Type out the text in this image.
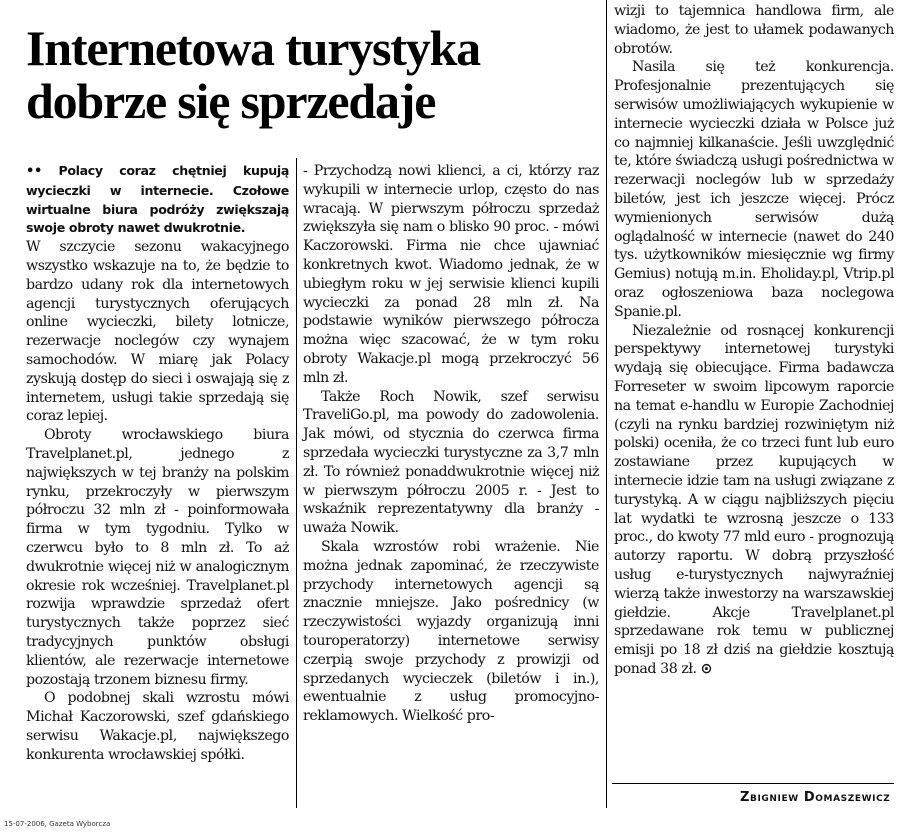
Internetowa turystyka dobrze się sprzedaje

•• Polacy coraz chętniej kupują wycieczki w internecie. Czołowe wirtualne biura podróży zwiększają swoje obroty nawet dwukrotnie.

W szczycie sezonu wakacyjnego wszystko wskazuje na to, że będzie to bardzo udany rok dla internetowych agencji turystycznych oferujących online wycieczki, bilety lotnicze, rezerwacje noclegów czy wynajem samochodów. W miarę jak Polacy zyskują dostęp do sieci i oswajają się z internetem, usługi takie sprzedają się coraz lepiej.

Obroty wrocławskiego biura Travelplanet.pl, jednego z największych w tej branży na polskim rynku, przekroczyły w pierwszym półroczu 32 mln zł - poinformowała firma w tym tygodniu. Tylko w czerwcu było to 8 mln zł. To aż dwukrotnie więcej niż w analogicznym okresie rok wcześniej. Travelplanet.pl rozwija wprawdzie sprzedaż ofert turystycznych także poprzez sieć tradycyjnych punktów obsługi klientów, ale rezerwacje internetowe pozostają trzonem biznesu firmy.

O podobnej skali wzrostu mówi Michał Kaczorowski, szef gdańskiego serwisu Wakacje.pl, największego konkurenta wrocławskiej spółki.

- Przychodzą nowi klienci, a ci, którzy raz wykupili w internecie urlop, często do nas wracają. W pierwszym półroczu sprzedaż zwiększyła się nam o blisko 90 proc. - mówi Kaczorowski. Firma nie chce ujawniać konkretnych kwot. Wiadomo jednak, że w ubiegłym roku w jej serwisie klienci kupili wycieczki za ponad 28 mln zł. Na podstawie wyników pierwszego półrocza można więc szacować, że w tym roku obroty Wakacje.pl mogą przekroczyć 56 mln zł.

Także Roch Nowik, szef serwisu TraveliGo.pl, ma powody do zadowolenia. Jak mówi, od stycznia do czerwca firma sprzedała wycieczki turystyczne za 3,7 mln zł. To również ponaddwukrotnie więcej niż w pierwszym półroczu 2005 r. - Jest to wskaźnik reprezentatywny dla branży - uważa Nowik.

Skala wzrostów robi wrażenie. Nie można jednak zapominać, że rzeczywiste przychody internetowych agencji są znacznie mniejsze. Jako pośrednicy (w rzeczywistości wyjazdy organizują inni touroperatorzy) internetowe serwisy czerpią swoje przychody z prowizji od sprzedanych wycieczek (biletów i in.), ewentualnie z usług promocyjno-reklamowych. Wielkość pro-

wizji to tajemnica handlowa firm, ale wiadomo, że jest to ułamek podawanych obrotów.

Nasila się też konkurencja. Profesjonalnie prezentujących się serwisów umożliwiających wykupienie w internecie wycieczki działa w Polsce już co najmniej kilkanaście. Jeśli uwzględnić te, które świadczą usługi pośrednictwa w rezerwacji noclegów lub w sprzedaży biletów, jest ich jeszcze więcej. Prócz wymienionych serwisów dużą oglądalność w internecie (nawet do 240 tys. użytkowników miesięcznie wg firmy Gemius) notują m.in. Eholiday.pl, Vtrip.pl oraz ogłoszeniowa baza noclegowa Spanie.pl.

Niezależnie od rosnącej konkurencji perspektywy internetowej turystyki wydają się obiecujące. Firma badawcza Forreseter w swoim lipcowym raporcie na temat e-handlu w Europie Zachodniej (czyli na rynku bardziej rozwiniętym niż polski) oceniła, że co trzeci funt lub euro zostawiane przez kupujących w internecie idzie tam na usługi związane z turystyką. A w ciągu najbliższych pięciu lat wydatki te wzrosną jeszcze o 133 proc., do kwoty 77 mld euro - prognozują autorzy raportu. W dobrą przyszłość usług e-turystycznych najwyraźniej wierzą także inwestorzy na warszawskiej giełdzie. Akcje Travelplanet.pl sprzedawane rok temu w publicznej emisji po 18 zł dziś na giełdzie kosztują ponad 38 zł. ⊙

Zbigniew Domaszewicz
15-07-2006, Gazeta Wyborcza
